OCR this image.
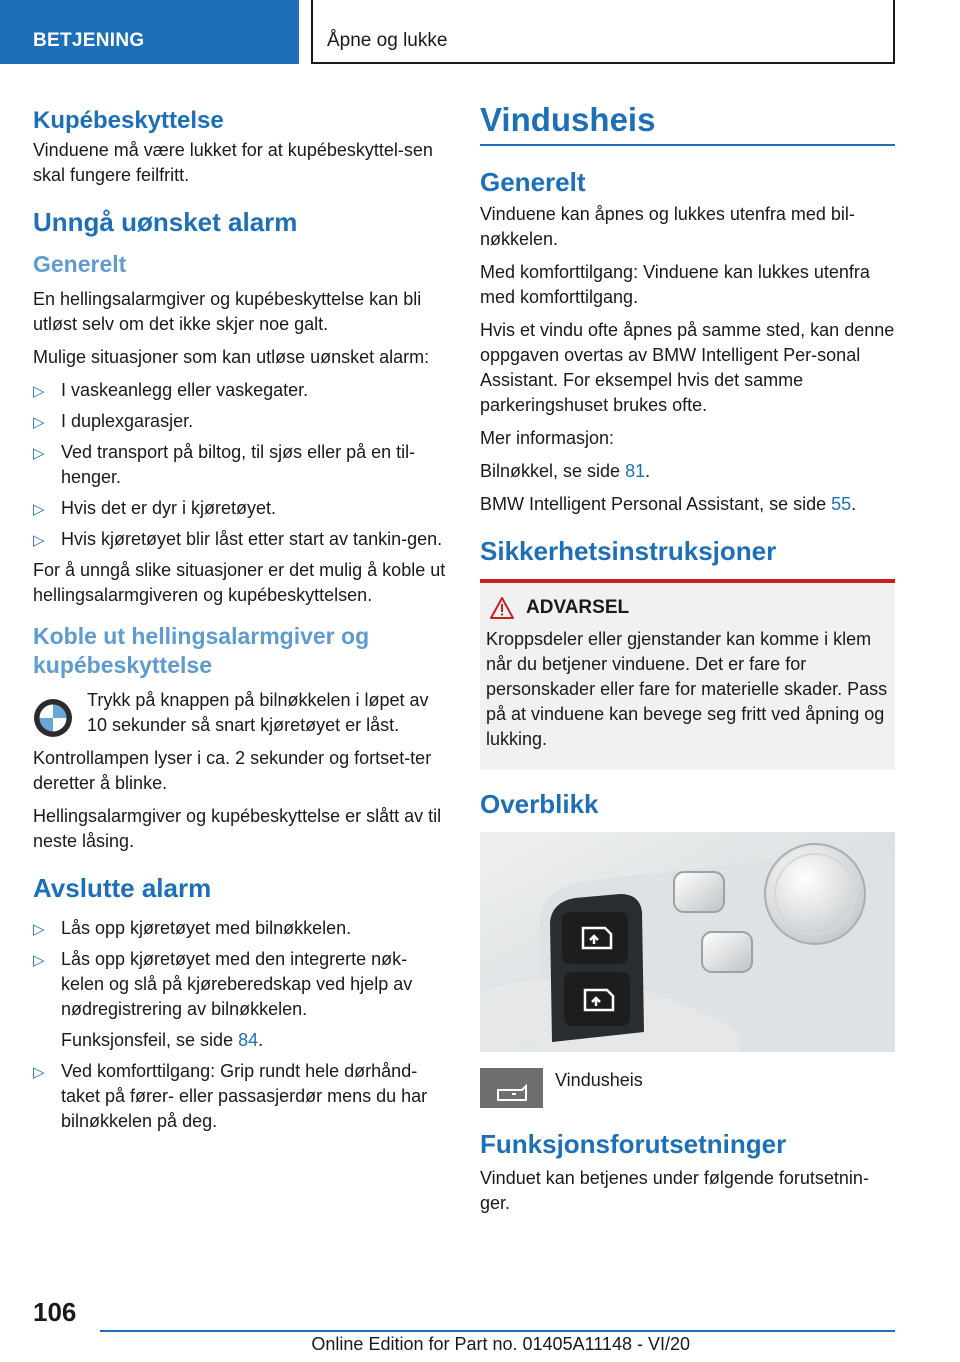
BETJENING	Åpne og lukke
Kupébeskyttelse

Vinduene må være lukket for at kupébeskyttel-sen skal fungere feilfritt.

Unngå uønsket alarm
Generelt

En hellingsalarmgiver og kupébeskyttelse kan bli utløst selv om det ikke skjer noe galt.

Mulige situasjoner som kan utløse uønsket alarm:

▷ I vaskeanlegg eller vaskegater.
▷ I duplexgarasjer.
▷ Ved transport på biltog, til sjøs eller på en til-henger.
▷ Hvis det er dyr i kjøretøyet.
▷ Hvis kjøretøyet blir låst etter start av tankin-gen.

For å unngå slike situasjoner er det mulig å koble ut hellingsalarmgiveren og kupébeskyttelsen.

Koble ut hellingsalarmgiver og kupébeskyttelse

Trykk på knappen på bilnøkkelen i løpet av 10 sekunder så snart kjøretøyet er låst.

Kontrollampen lyser i ca. 2 sekunder og fortset-ter deretter å blinke.

Hellingsalarmgiver og kupébeskyttelse er slått av til neste låsing.

Avslutte alarm
▷ Lås opp kjøretøyet med bilnøkkelen.
▷ Lås opp kjøretøyet med den integrerte nøk-kelen og slå på kjøreberedskap ved hjelp av nødregistrering av bilnøkkelen.
Funksjonsfeil, se side 84.
▷ Ved komforttilgang: Grip rundt hele dørhånd-taket på fører- eller passasjerdør mens du har bilnøkkelen på deg.
Vindusheis
Generelt

Vinduene kan åpnes og lukkes utenfra med bil-nøkkelen.

Med komforttilgang: Vinduene kan lukkes utenfra med komforttilgang.

Hvis et vindu ofte åpnes på samme sted, kan denne oppgaven overtas av BMW Intelligent Per-sonal Assistant. For eksempel hvis det samme parkeringshuset brukes ofte.

Mer informasjon:

Bilnøkkel, se side 81.

BMW Intelligent Personal Assistant, se side 55.

Sikkerhetsinstruksjoner
ADVARSEL

Kroppsdeler eller gjenstander kan komme i klem når du betjener vinduene. Det er fare for personskader eller fare for materielle skader. Pass på at vinduene kan bevege seg fritt ved åpning og lukking.

Overblikk
Vindusheis
Funksjonsforutsetninger

Vinduet kan betjenes under følgende forutsetnin-ger.

106
Online Edition for Part no. 01405A11148 - VI/20
